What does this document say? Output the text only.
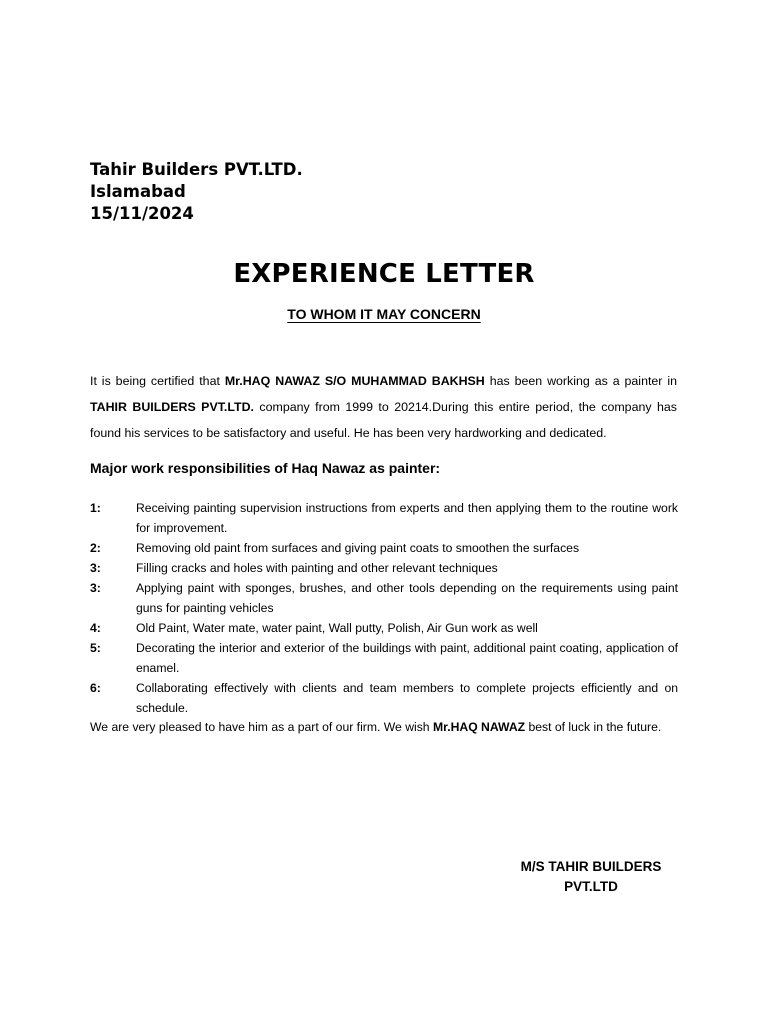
Tahir Builders PVT.LTD.
Islamabad
15/11/2024
EXPERIENCE LETTER
TO WHOM IT MAY CONCERN
It is being certified that Mr.HAQ NAWAZ S/O MUHAMMAD BAKHSH has been working as a painter in
TAHIR BUILDERS PVT.LTD. company from 1999 to 20214.During this entire period, the company has
found his services to be satisfactory and useful. He has been very hardworking and dedicated.
Major work responsibilities of Haq Nawaz as painter:
1:	Receiving painting supervision instructions from experts and then applying them to the routine work for improvement.
2:	Removing old paint from surfaces and giving paint coats to smoothen the surfaces
3:	Filling cracks and holes with painting and other relevant techniques
3:	Applying paint with sponges, brushes, and other tools depending on the requirements using paint guns for painting vehicles
4:	Old Paint, Water mate, water paint, Wall putty, Polish, Air Gun work as well
5:	Decorating the interior and exterior of the buildings with paint, additional paint coating, application of enamel.
6:	Collaborating effectively with clients and team members to complete projects efficiently and on schedule.
We are very pleased to have him as a part of our firm. We wish Mr.HAQ NAWAZ best of luck in the future.
M/S TAHIR BUILDERS
PVT.LTD
